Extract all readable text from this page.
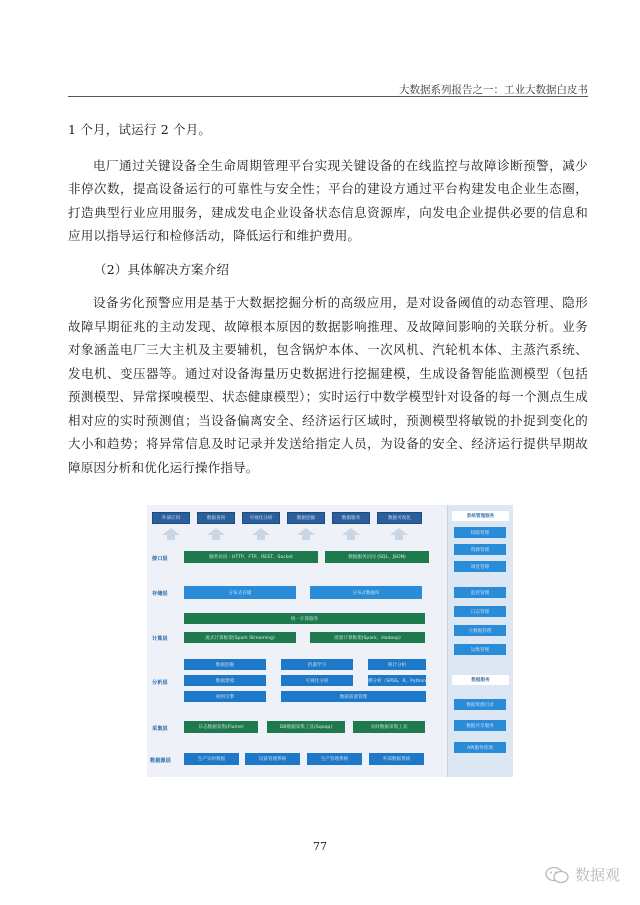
大数据系列报告之一：工业大数据白皮书

1 个月，试运行 2 个月。

电厂通过关键设备全生命周期管理平台实现关键设备的在线监控与故障诊断预警，减少非停次数，提高设备运行的可靠性与安全性；平台的建设方通过平台构建发电企业生态圈，打造典型行业应用服务，建成发电企业设备状态信息资源库，向发电企业提供必要的信息和应用以指导运行和检修活动，降低运行和维护费用。

（2）具体解决方案介绍

设备劣化预警应用是基于大数据挖掘分析的高级应用，是对设备阈值的动态管理、隐形故障早期征兆的主动发现、故障根本原因的数据影响推理、及故障间影响的关联分析。业务对象涵盖电厂三大主机及主要辅机，包含锅炉本体、一次风机、汽轮机本体、主蒸汽系统、发电机、变压器等。通过对设备海量历史数据进行挖掘建模，生成设备智能监测模型（包括预测模型、异常探嗅模型、状态健康模型）；实时运行中数学模型针对设备的每一个测点生成相对应的实时预测值；当设备偏离安全、经济运行区域时，预测模型将敏锐的扑捉到变化的大小和趋势；将异常信息及时记录并发送给指定人员，为设备的安全、经济运行提供早期故障原因分析和优化运行操作指导。

外部应用	数据查询	可视化分析	数据挖掘	数据服务	数据可视化
接口层	服务访问 - HTTP、FTP、REST、Socket	数据服务访问 (SQL、JSON)
存储层	分布式存储	分布式数据库
统一计算服务
计算层	流式计算框架(Spark Streaming)	批量计算框架(Spark、Hadoop)
数据挖掘	机器学习	统计分析
分析层	数据建模	可视化分析	预测分析（SPSS、R、Python）
规则引擎	数据质量管理
采集层	日志数据采集(Flume)	DB数据采集工具(Sqoop)	实时数据采集工具
数据源层	生产实时数据	设备管理系统	生产管理系统	外部数据系统
系统管理服务
权限管理
资源管理
调度管理
监控管理
日志管理
元数据管理
运维管理
数据服务
数据资源目录
数据共享服务
API服务管理
77
数据观
